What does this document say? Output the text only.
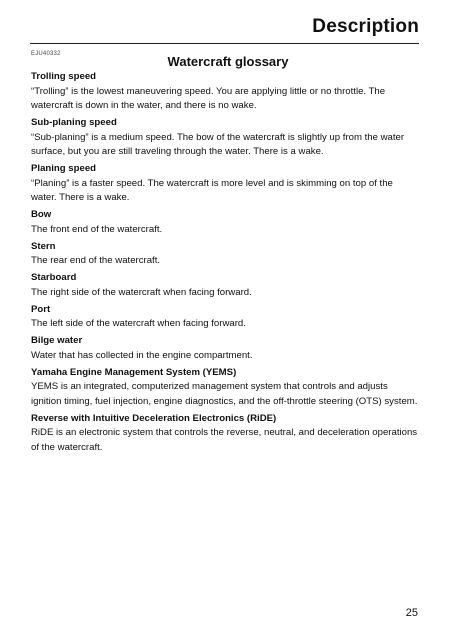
Description
EJU40332	Watercraft glossary

Trolling speed

“Trolling” is the lowest maneuvering speed. You are applying little or no throttle. The watercraft is down in the water, and there is no wake.

Sub-planing speed

“Sub-planing” is a medium speed. The bow of the watercraft is slightly up from the water surface, but you are still traveling through the water. There is a wake.

Planing speed

“Planing” is a faster speed. The watercraft is more level and is skimming on top of the water. There is a wake.

Bow

The front end of the watercraft.

Stern

The rear end of the watercraft.

Starboard

The right side of the watercraft when facing forward.

Port

The left side of the watercraft when facing forward.

Bilge water

Water that has collected in the engine compartment.

Yamaha Engine Management System (YEMS)

YEMS is an integrated, computerized management system that controls and adjusts ignition timing, fuel injection, engine diagnostics, and the off-throttle steering (OTS) system.

Reverse with Intuitive Deceleration Electronics (RiDE)

RiDE is an electronic system that controls the reverse, neutral, and deceleration operations of the watercraft.

25
